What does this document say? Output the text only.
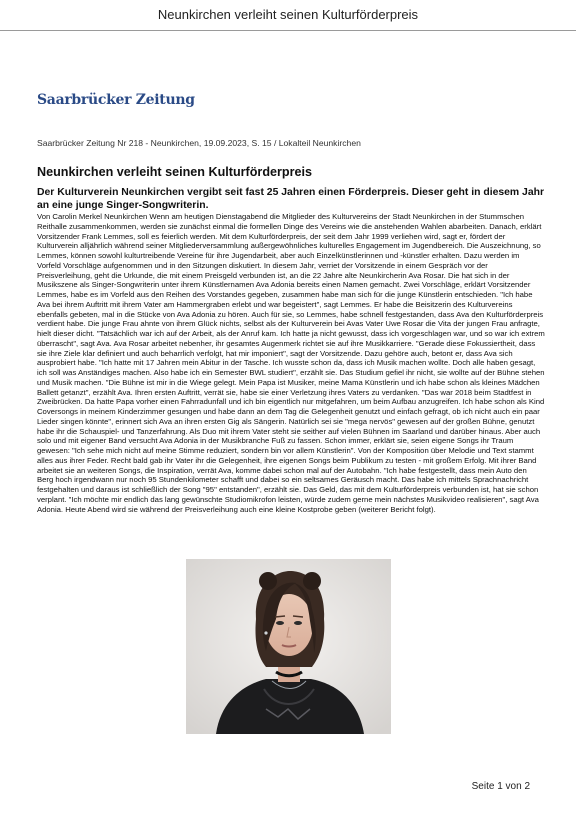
Neunkirchen verleiht seinen Kulturförderpreis
Saarbrücker Zeitung
Saarbrücker Zeitung Nr 218 - Neunkirchen, 19.09.2023, S. 15 / Lokalteil Neunkirchen
Neunkirchen verleiht seinen Kulturförderpreis

Der Kulturverein Neunkirchen vergibt seit fast 25 Jahren einen Förderpreis. Dieser geht in diesem Jahr an eine junge Singer-Songwriterin.

Von Carolin Merkel Neunkirchen Wenn am heutigen Dienstagabend die Mitglieder des Kulturvereins der Stadt Neunkirchen in der Stummschen Reithalle zusammenkommen, werden sie zunächst einmal die formellen Dinge des Vereins wie die anstehenden Wahlen abarbeiten. Danach, erklärt Vorsitzender Frank Lemmes, soll es feierlich werden. Mit dem Kulturförderpreis, der seit dem Jahr 1999 verliehen wird, sagt er, fördert der Kulturverein alljährlich während seiner Mitgliederversammlung außergewöhnliches kulturelles Engagement im Jugendbereich. Die Auszeichnung, so Lemmes, können sowohl kulturtreibende Vereine für ihre Jugendarbeit, aber auch Einzelkünstlerinnen und -künstler erhalten. Dazu werden im Vorfeld Vorschläge aufgenommen und in den Sitzungen diskutiert. In diesem Jahr, verriet der Vorsitzende in einem Gespräch vor der Preisverleihung, geht die Urkunde, die mit einem Preisgeld verbunden ist, an die 22 Jahre alte Neunkircherin Ava Rosar. Die hat sich in der Musikszene als Singer-Songwriterin unter ihrem Künstlernamen Ava Adonia bereits einen Namen gemacht. Zwei Vorschläge, erklärt Vorsitzender Lemmes, habe es im Vorfeld aus den Reihen des Vorstandes gegeben, zusammen habe man sich für die junge Künstlerin entschieden. "Ich habe Ava bei ihrem Auftritt mit ihrem Vater am Hammergraben erlebt und war begeistert", sagt Lemmes. Er habe die Beisitzerin des Kulturvereins ebenfalls gebeten, mal in die Stücke von Ava Adonia zu hören. Auch für sie, so Lemmes, habe schnell festgestanden, dass Ava den Kulturförderpreis verdient habe. Die junge Frau ahnte von ihrem Glück nichts, selbst als der Kulturverein bei Avas Vater Uwe Rosar die Vita der jungen Frau anfragte, hielt dieser dicht. "Tatsächlich war ich auf der Arbeit, als der Anruf kam. Ich hatte ja nicht gewusst, dass ich vorgeschlagen war, und so war ich extrem überrascht", sagt Ava. Ava Rosar arbeitet nebenher, ihr gesamtes Augenmerk richtet sie auf ihre Musikkarriere. "Gerade diese Fokussiertheit, dass sie ihre Ziele klar definiert und auch beharrlich verfolgt, hat mir imponiert", sagt der Vorsitzende. Dazu gehöre auch, betont er, dass Ava sich ausprobiert habe. "Ich hatte mit 17 Jahren mein Abitur in der Tasche. Ich wusste schon da, dass ich Musik machen wollte. Doch alle haben gesagt, ich soll was Anständiges machen. Also habe ich ein Semester BWL studiert", erzählt sie. Das Studium gefiel ihr nicht, sie wollte auf der Bühne stehen und Musik machen. "Die Bühne ist mir in die Wiege gelegt. Mein Papa ist Musiker, meine Mama Künstlerin und ich habe schon als kleines Mädchen Ballett getanzt", erzählt Ava. Ihren ersten Auftritt, verrät sie, habe sie einer Verletzung ihres Vaters zu verdanken. "Das war 2018 beim Stadtfest in Zweibrücken. Da hatte Papa vorher einen Fahrradunfall und ich bin eigentlich nur mitgefahren, um beim Aufbau anzugreifen. Ich habe schon als Kind Coversongs in meinem Kinderzimmer gesungen und habe dann an dem Tag die Gelegenheit genutzt und einfach gefragt, ob ich nicht auch ein paar Lieder singen könnte", erinnert sich Ava an ihren ersten Gig als Sängerin. Natürlich sei sie "mega nervös" gewesen auf der großen Bühne, genutzt habe ihr die Schauspiel- und Tanzerfahrung. Als Duo mit ihrem Vater steht sie seither auf vielen Bühnen im Saarland und darüber hinaus. Aber auch solo und mit eigener Band versucht Ava Adonia in der Musikbranche Fuß zu fassen. Schon immer, erklärt sie, seien eigene Songs ihr Traum gewesen: "Ich sehe mich nicht auf meine Stimme reduziert, sondern bin vor allem Künstlerin". Von der Komposition über Melodie und Text stammt alles aus ihrer Feder. Recht bald gab ihr Vater ihr die Gelegenheit, ihre eigenen Songs beim Publikum zu testen - mit großem Erfolg. Mit ihrer Band arbeitet sie an weiteren Songs, die Inspiration, verrät Ava, komme dabei schon mal auf der Autobahn. "Ich habe festgestellt, dass mein Auto den Berg hoch irgendwann nur noch 95 Stundenkilometer schafft und dabei so ein seltsames Geräusch macht. Das habe ich mittels Sprachnachricht festgehalten und daraus ist schließlich der Song "95" entstanden", erzählt sie. Das Geld, das mit dem Kulturförderpreis verbunden ist, hat sie schon verplant. "Ich möchte mir endlich das lang gewünschte Studiomikrofon leisten, würde zudem gerne mein nächstes Musikvideo realisieren", sagt Ava Adonia. Heute Abend wird sie während der Preisverleihung auch eine kleine Kostprobe geben (weiterer Bericht folgt).

Seite 1 von 2
